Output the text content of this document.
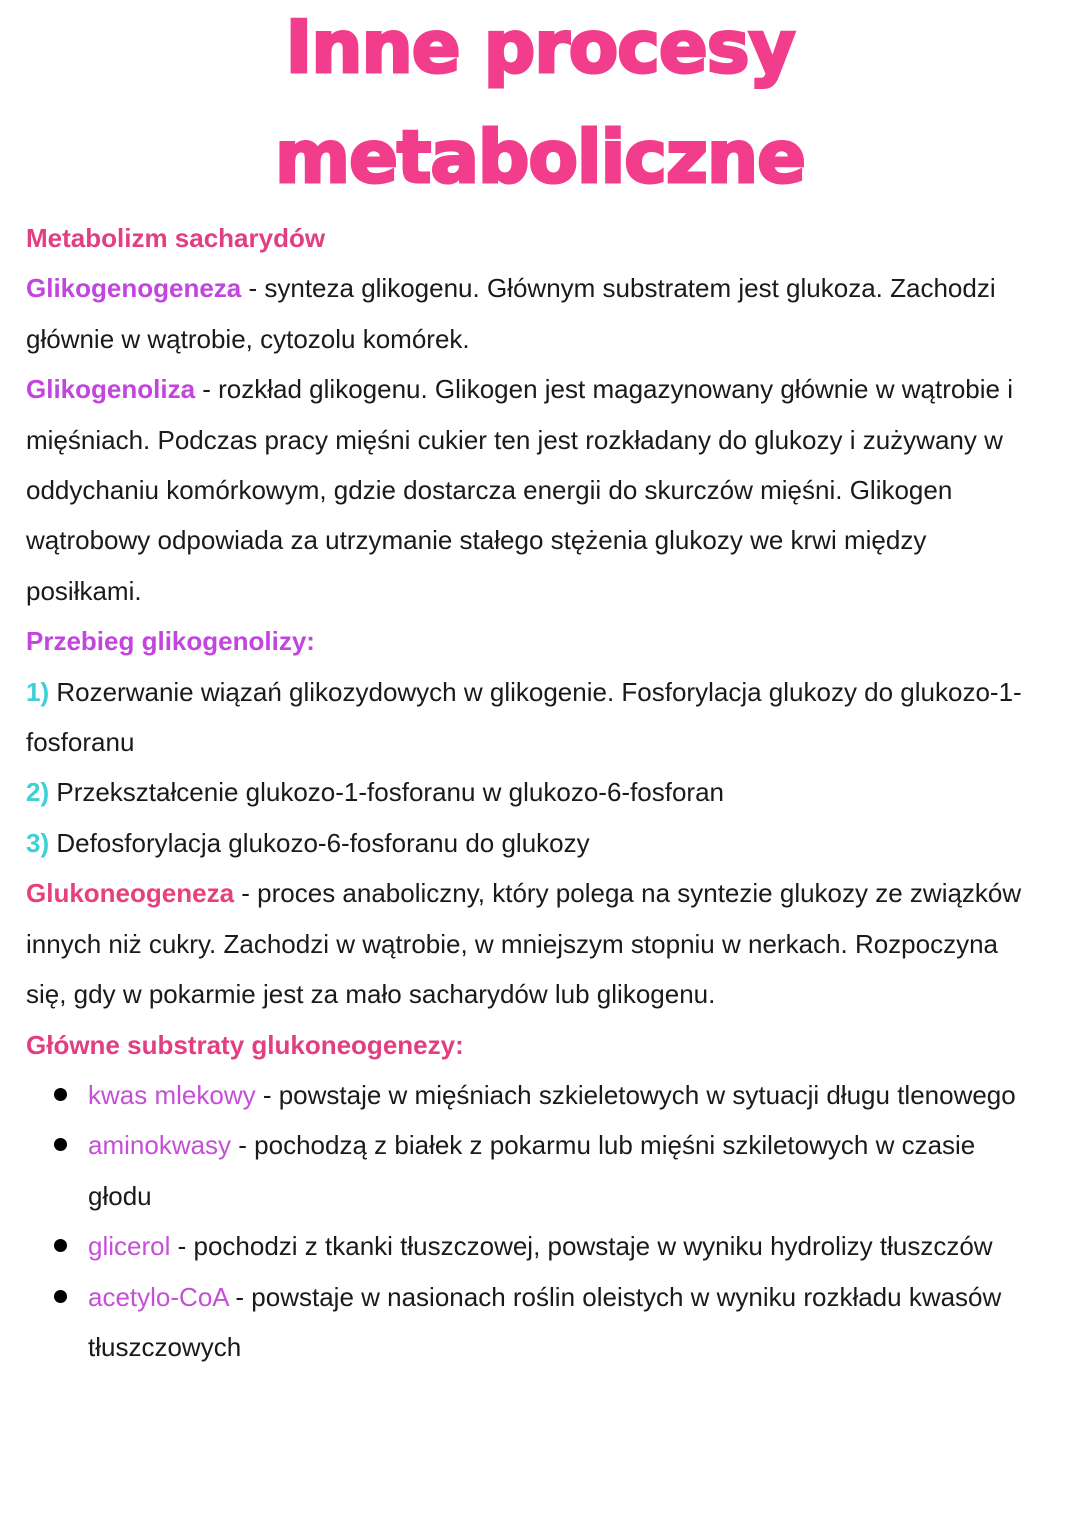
Inne procesy
metaboliczne

Metabolizm sacharydów

Glikogenogeneza - synteza glikogenu. Głównym substratem jest glukoza. Zachodzi głównie w wątrobie, cytozolu komórek.

Glikogenoliza - rozkład glikogenu. Glikogen jest magazynowany głównie w wątrobie i mięśniach. Podczas pracy mięśni cukier ten jest rozkładany do glukozy i zużywany w oddychaniu komórkowym, gdzie dostarcza energii do skurczów mięśni. Glikogen wątrobowy odpowiada za utrzymanie stałego stężenia glukozy we krwi między posiłkami.

Przebieg glikogenolizy:

1) Rozerwanie wiązań glikozydowych w glikogenie. Fosforylacja glukozy do glukozo-1-fosforanu

2) Przekształcenie glukozo-1-fosforanu w glukozo-6-fosforan

3) Defosforylacja glukozo-6-fosforanu do glukozy

Glukoneogeneza - proces anaboliczny, który polega na syntezie glukozy ze związków innych niż cukry. Zachodzi w wątrobie, w mniejszym stopniu w nerkach. Rozpoczyna się, gdy w pokarmie jest za mało sacharydów lub glikogenu.

Główne substraty glukoneogenezy:

kwas mlekowy - powstaje w mięśniach szkieletowych w sytuacji długu tlenowego
aminokwasy - pochodzą z białek z pokarmu lub mięśni szkiletowych w czasie głodu
glicerol - pochodzi z tkanki tłuszczowej, powstaje w wyniku hydrolizy tłuszczów
acetylo-CoA - powstaje w nasionach roślin oleistych w wyniku rozkładu kwasów tłuszczowych
